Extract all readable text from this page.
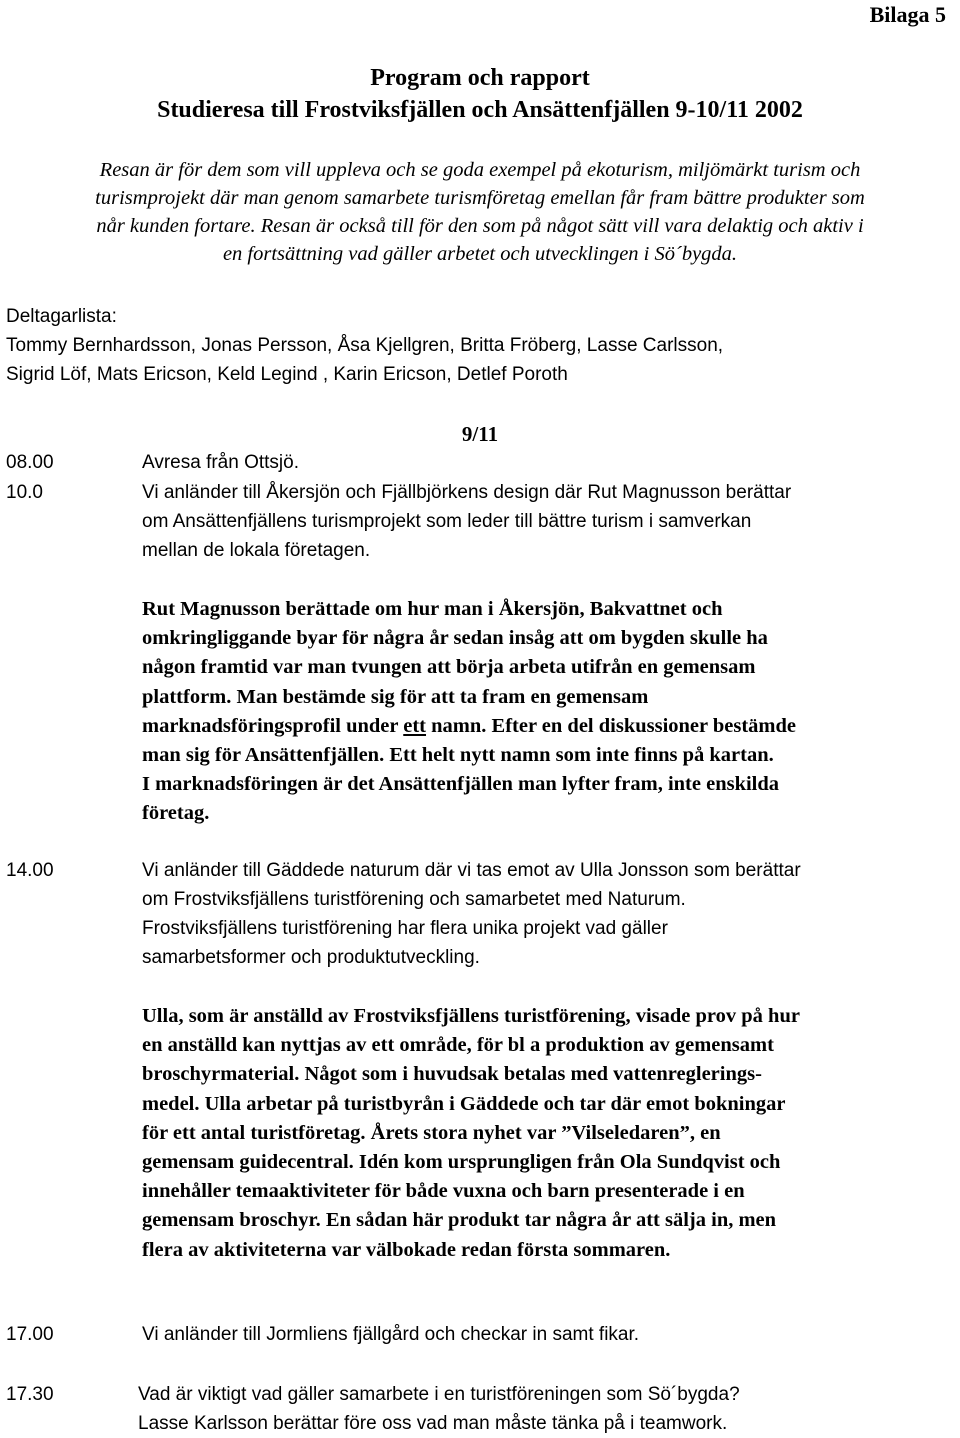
Bilaga 5
Program och rapport
Studieresa till Frostviksfjällen och Ansättenfjällen 9-10/11 2002
Resan är för dem som vill uppleva och se goda exempel på ekoturism, miljömärkt turism och
turismprojekt där man genom samarbete turismföretag emellan får fram bättre produkter som
når kunden fortare. Resan är också till för den som på något sätt vill vara delaktig och aktiv i
en fortsättning vad gäller arbetet och utvecklingen i Sö´bygda.
Deltagarlista:
Tommy Bernhardsson, Jonas Persson, Åsa Kjellgren, Britta Fröberg, Lasse Carlsson,
Sigrid Löf, Mats Ericson, Keld Legind , Karin Ericson, Detlef Poroth
9/11
08.00	Avresa från Ottsjö.
10.0	Vi anländer till Åkersjön och Fjällbjörkens design där Rut Magnusson berättar
om Ansättenfjällens turismprojekt som leder till bättre turism i samverkan
mellan de lokala företagen.

Rut Magnusson berättade om hur man i Åkersjön, Bakvattnet och

omkringliggande byar för några år sedan insåg att om bygden skulle ha

någon framtid var man tvungen att börja arbeta utifrån en gemensam

plattform. Man bestämde sig för att ta fram en gemensam

marknadsföringsprofil under ett namn. Efter en del diskussioner bestämde

man sig för Ansättenfjällen. Ett helt nytt namn som inte finns på kartan.

I marknadsföringen är det Ansättenfjällen man lyfter fram, inte enskilda

företag.

14.00	Vi anländer till Gäddede naturum där vi tas emot av Ulla Jonsson som berättar
om Frostviksfjällens turistförening och samarbetet med Naturum.
Frostviksfjällens turistförening har flera unika projekt vad gäller
samarbetsformer och produktutveckling.

Ulla, som är anställd av Frostviksfjällens turistförening, visade prov på hur

en anställd kan nyttjas av ett område, för bl a produktion av gemensamt

broschyrmaterial. Något som i huvudsak betalas med vattenreglerings-

medel. Ulla arbetar på turistbyrån i Gäddede och tar där emot bokningar

för ett antal turistföretag. Årets stora nyhet var ”Vilseledaren”, en

gemensam guidecentral. Idén kom ursprungligen från Ola Sundqvist och

innehåller temaaktiviteter för både vuxna och barn presenterade i en

gemensam broschyr. En sådan här produkt tar några år att sälja in, men

flera av aktiviteterna var välbokade redan första sommaren.

17.00	Vi anländer till Jormliens fjällgård och checkar in samt fikar.
17.30	Vad är viktigt vad gäller samarbete i en turistföreningen som Sö´bygda?
Lasse Karlsson berättar före oss vad man måste tänka på i teamwork.
